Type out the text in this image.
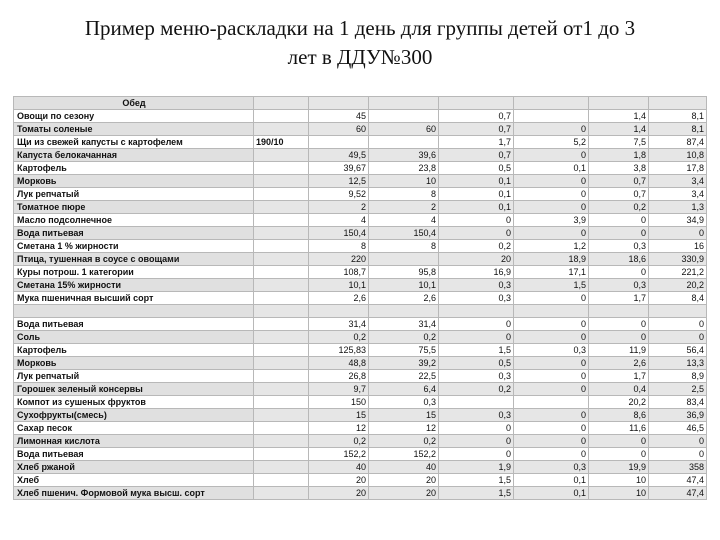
Пример меню-раскладки на 1 день для группы детей от1 до 3
лет в ДДУ№300
Обед							
Овощи по сезону		45		0,7		1,4	8,1
Томаты соленые		60	60	0,7	0	1,4	8,1
Щи из свежей капусты с картофелем	190/10			1,7	5,2	7,5	87,4
Капуста белокачанная		49,5	39,6	0,7	0	1,8	10,8
Картофель		39,67	23,8	0,5	0,1	3,8	17,8
Морковь		12,5	10	0,1	0	0,7	3,4
Лук репчатый		9,52	8	0,1	0	0,7	3,4
Томатное пюре		2	2	0,1	0	0,2	1,3
Масло подсолнечное		4	4	0	3,9	0	34,9
Вода питьевая		150,4	150,4	0	0	0	0
Сметана 1 % жирности		8	8	0,2	1,2	0,3	16
Птица, тушенная в соусе с овощами		220		20	18,9	18,6	330,9
Куры потрош. 1 категории		108,7	95,8	16,9	17,1	0	221,2
Сметана 15% жирности		10,1	10,1	0,3	1,5	0,3	20,2
Мука пшеничная высший сорт		2,6	2,6	0,3	0	1,7	8,4

Вода питьевая		31,4	31,4	0	0	0	0
Соль		0,2	0,2	0	0	0	0
Картофель		125,83	75,5	1,5	0,3	11,9	56,4
Морковь		48,8	39,2	0,5	0	2,6	13,3
Лук репчатый		26,8	22,5	0,3	0	1,7	8,9
Горошек зеленый консервы		9,7	6,4	0,2	0	0,4	2,5
Компот из сушеных фруктов		150	0,3			20,2	83,4
Сухофрукты(смесь)		15	15	0,3	0	8,6	36,9
Сахар песок		12	12	0	0	11,6	46,5
Лимонная кислота		0,2	0,2	0	0	0	0
Вода питьевая		152,2	152,2	0	0	0	0
Хлеб ржаной		40	40	1,9	0,3	19,9	358
Хлеб		20	20	1,5	0,1	10	47,4
Хлеб пшенич. Формовой мука высш. сорт		20	20	1,5	0,1	10	47,4
